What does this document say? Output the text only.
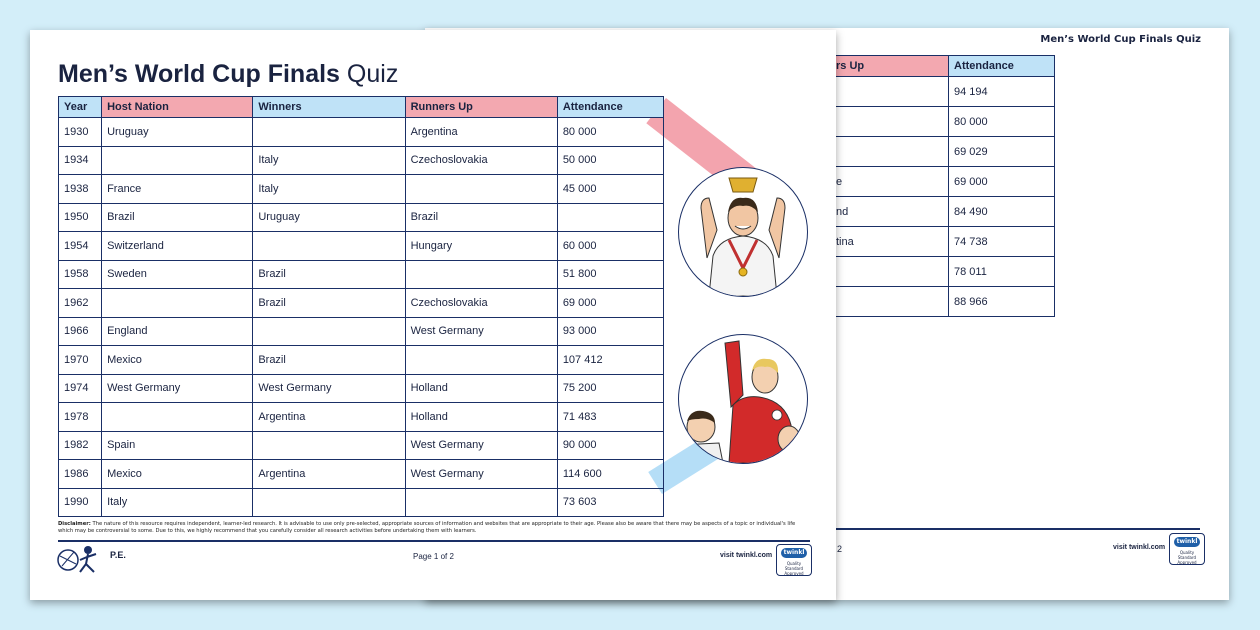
Men’s World Cup Finals Quiz
rs Up	Attendance
	94 194
	80 000
	69 029
e	69 000
nd	84 490
tina	74 738
	78 011
	88 966
2	visit twinkl.com
twinkl
Quality Standard Approved
Men’s World Cup Finals Quiz
Year	Host Nation	Winners	Runners Up	Attendance
1930	Uruguay		Argentina	80 000
1934		Italy	Czechoslovakia	50 000
1938	France	Italy		45 000
1950	Brazil	Uruguay	Brazil	
1954	Switzerland		Hungary	60 000
1958	Sweden	Brazil		51 800
1962		Brazil	Czechoslovakia	69 000
1966	England		West Germany	93 000
1970	Mexico	Brazil		107 412
1974	West Germany	West Germany	Holland	75 200
1978		Argentina	Holland	71 483
1982	Spain		West Germany	90 000
1986	Mexico	Argentina	West Germany	114 600
1990	Italy			73 603
Disclaimer: The nature of this resource requires independent, learner-led research. It is advisable to use only pre-selected, appropriate sources of information and websites that are appropriate to their age. Please also be aware that there may be aspects of a topic or individual's life which may be controversial to some. Due to this, we highly recommend that you carefully consider all research activities before undertaking them with learners.
P.E.	Page 1 of 2	visit twinkl.com	twinkl
Quality Standard Approved
